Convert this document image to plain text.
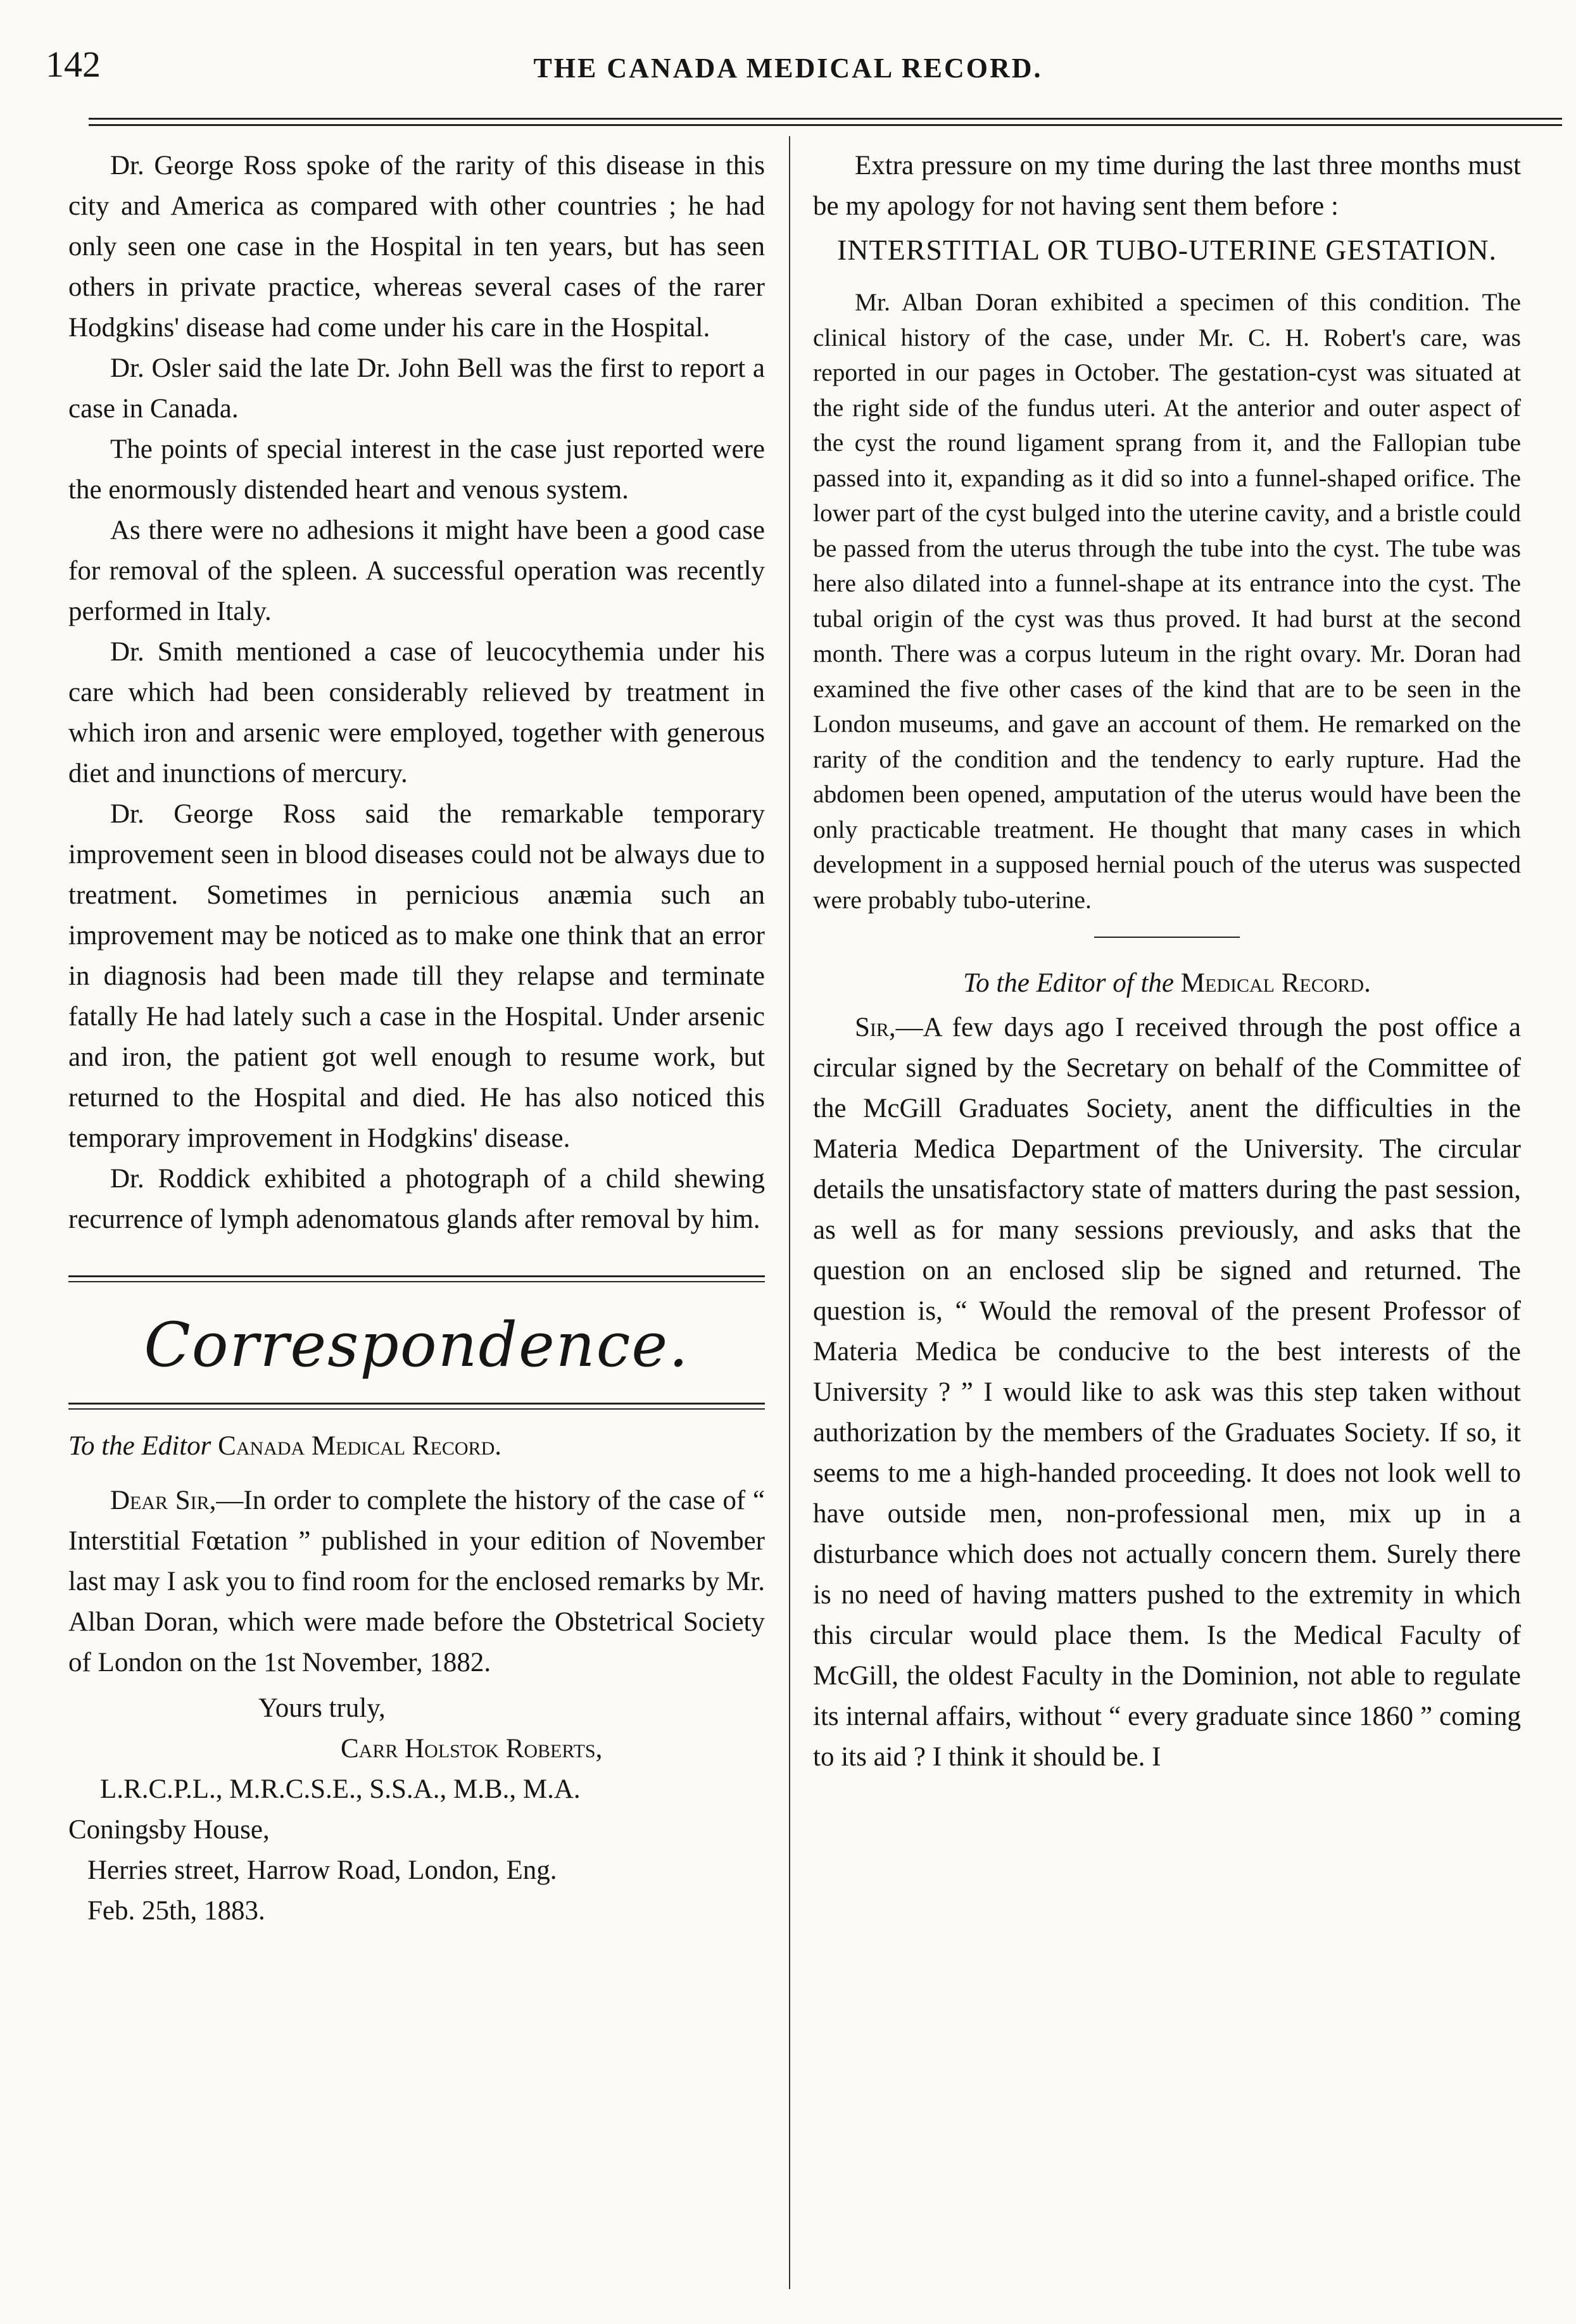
142	THE CANADA MEDICAL RECORD.

Dr. George Ross spoke of the rarity of this disease in this city and America as compared with other countries ; he had only seen one case in the Hospital in ten years, but has seen others in private practice, whereas several cases of the rarer Hodgkins' disease had come under his care in the Hospital.

Dr. Osler said the late Dr. John Bell was the first to report a case in Canada.

The points of special interest in the case just reported were the enormously distended heart and venous system.

As there were no adhesions it might have been a good case for removal of the spleen. A successful operation was recently performed in Italy.

Dr. Smith mentioned a case of leucocythemia under his care which had been considerably relieved by treatment in which iron and arsenic were employed, together with generous diet and inunctions of mercury.

Dr. George Ross said the remarkable temporary improvement seen in blood diseases could not be always due to treatment. Sometimes in pernicious anæmia such an improvement may be noticed as to make one think that an error in diagnosis had been made till they relapse and terminate fatally He had lately such a case in the Hospital. Under arsenic and iron, the patient got well enough to resume work, but returned to the Hospital and died. He has also noticed this temporary improvement in Hodgkins' disease.

Dr. Roddick exhibited a photograph of a child shewing recurrence of lymph adenomatous glands after removal by him.

Correspondence.
To the Editor Canada Medical Record.

Dear Sir,—In order to complete the history of the case of “ Interstitial Fœtation ” published in your edition of November last may I ask you to find room for the enclosed remarks by Mr. Alban Doran, which were made before the Obstetrical Society of London on the 1st November, 1882.

Yours truly,
Carr Holstok Roberts,
L.R.C.P.L., M.R.C.S.E., S.S.A., M.B., M.A.
Coningsby House,
Herries street, Harrow Road, London, Eng.
Feb. 25th, 1883.

Extra pressure on my time during the last three months must be my apology for not having sent them before :

INTERSTITIAL OR TUBO-UTERINE GESTATION.

Mr. Alban Doran exhibited a specimen of this condition. The clinical history of the case, under Mr. C. H. Robert's care, was reported in our pages in October. The gestation-cyst was situated at the right side of the fundus uteri. At the anterior and outer aspect of the cyst the round ligament sprang from it, and the Fallopian tube passed into it, expanding as it did so into a funnel-shaped orifice. The lower part of the cyst bulged into the uterine cavity, and a bristle could be passed from the uterus through the tube into the cyst. The tube was here also dilated into a funnel-shape at its entrance into the cyst. The tubal origin of the cyst was thus proved. It had burst at the second month. There was a corpus luteum in the right ovary. Mr. Doran had examined the five other cases of the kind that are to be seen in the London museums, and gave an account of them. He remarked on the rarity of the condition and the tendency to early rupture. Had the abdomen been opened, amputation of the uterus would have been the only practicable treatment. He thought that many cases in which development in a supposed hernial pouch of the uterus was suspected were probably tubo-uterine.

To the Editor of the Medical Record.

Sir,—A few days ago I received through the post office a circular signed by the Secretary on behalf of the Committee of the McGill Graduates Society, anent the difficulties in the Materia Medica Department of the University. The circular details the unsatisfactory state of matters during the past session, as well as for many sessions previously, and asks that the question on an enclosed slip be signed and returned. The question is, “ Would the removal of the present Professor of Materia Medica be conducive to the best interests of the University ? ” I would like to ask was this step taken without authorization by the members of the Graduates Society. If so, it seems to me a high-handed proceeding. It does not look well to have outside men, non-professional men, mix up in a disturbance which does not actually concern them. Surely there is no need of having matters pushed to the extremity in which this circular would place them. Is the Medical Faculty of McGill, the oldest Faculty in the Dominion, not able to regulate its internal affairs, without “ every graduate since 1860 ” coming to its aid ? I think it should be. I
